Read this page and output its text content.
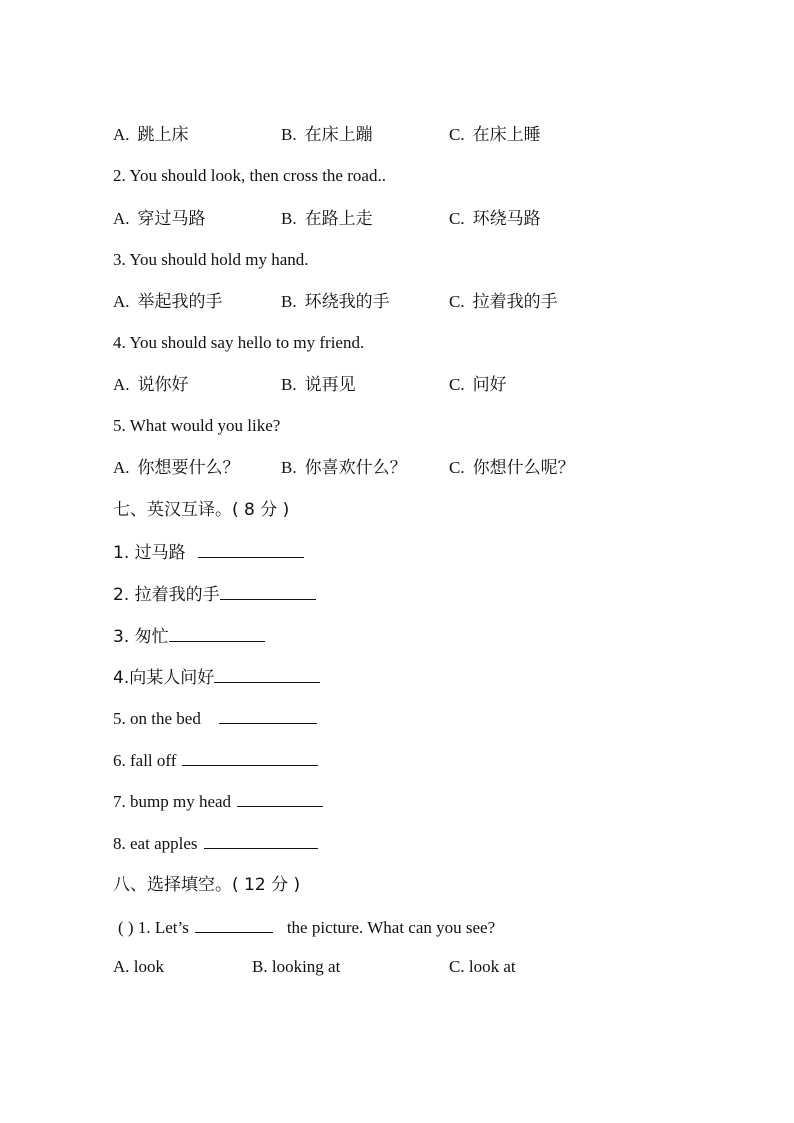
A. 跳上床	B. 在床上蹦	C. 在床上睡
2. You should look, then cross the road..
A. 穿过马路	B. 在路上走	C. 环绕马路
3. You should hold my hand.
A. 举起我的手	B. 环绕我的手	C. 拉着我的手
4. You should say hello to my friend.
A. 说你好	B. 说再见	C. 问好
5. What would you like?
A. 你想要什么？ B. 你喜欢什么？ C. 你想什么呢？
七、英汉互译。( 8 分 )
1. 过马路
2. 拉着我的手
3. 匆忙
4.向某人问好
5. on the bed
6. fall off
7. bump my head
8. eat apples
八、选择填空。( 12 分 )
( ) 1. Let’s	the picture. What can you see?
A. look	B. looking at	C. look at
